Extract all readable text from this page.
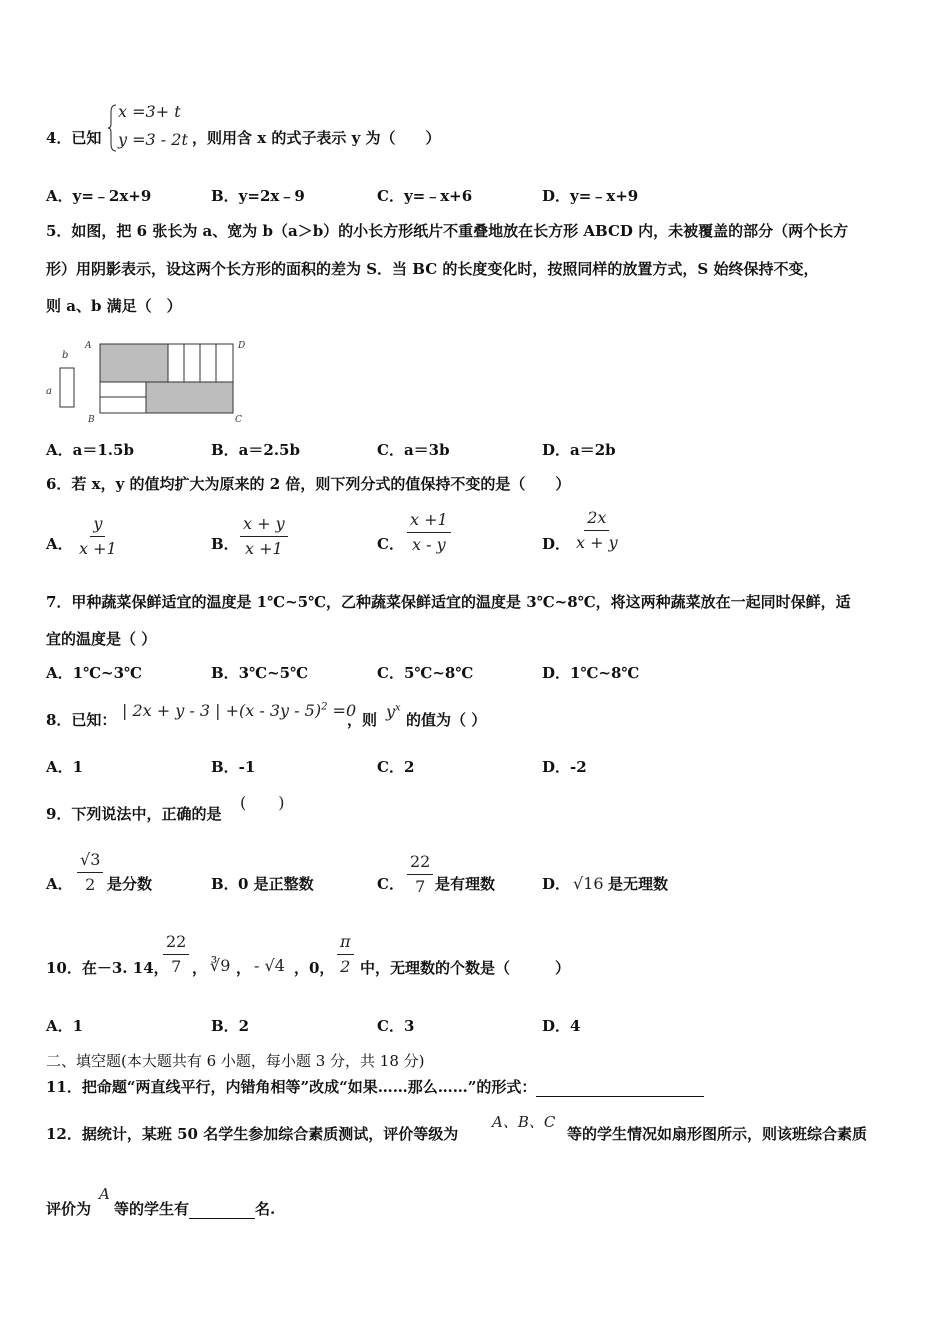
4．已知
x =3+ t
y =3 - 2t ，则用含 x 的式子表示 y 为（　　）
A．y=﹣2x+9	B．y=2x﹣9	C．y=﹣x+6	D．y=﹣x+9
5．如图，把 6 张长为 a、宽为 b（a＞b）的小长方形纸片不重叠地放在长方形 ABCD 内，未被覆盖的部分（两个长方
形）用阴影表示，设这两个长方形的面积的差为 S．当 BC 的长度变化时，按照同样的放置方式，S 始终保持不变，
则 a、b 满足（　）
b
a
A	D
B	C
A．a＝1.5b	B．a＝2.5b	C．a＝3b	D．a＝2b
6．若 x，y 的值均扩大为原来的 2 倍，则下列分式的值保持不变的是（　　）
A． $\frac{y}{x +1}$	B． $\frac{x + y}{x +1}$	C． $\frac{x +1}{x - y}$	D． $\frac{2x}{x + y}$
7．甲种蔬菜保鲜适宜的温度是 1℃~5℃，乙种蔬菜保鲜适宜的温度是 3℃~8℃，将这两种蔬菜放在一起同时保鲜，适
宜的温度是（ ）
A．1℃~3℃	B．3℃~5℃	C．5℃~8℃	D．1℃~8℃
8．已知： | 2x + y - 3 | +(x - 3y - 5)$^2$ =0
，则 $y^x$
的值为（ ）
A．1	B．-1	C．2	D．-2
9．下列说法中，正确的是
(　　)
A． $\frac{√3}{2}$ 是分数	B． 0 是正整数	C． $\frac{22}{7}$ 是有理数	D． √16 是无理数
10．在－3. 14，
$\frac{22}{7}$ ， ∛9 ， - √4 ，0， $\frac{\pi}{2}$ 中，无理数的个数是（　　　）
A．1	B．2	C．3	D．4
二、填空题(本大题共有 6 小题，每小题 3 分，共 18 分)
11．把命题“两直线平行，内错角相等”改成“如果……那么……”的形式：
12．据统计，某班 50 名学生参加综合素质测试，评价等级为
A、B、C
等的学生情况如扇形图所示，则该班综合素质
评价为
A
等的学生有	名.
